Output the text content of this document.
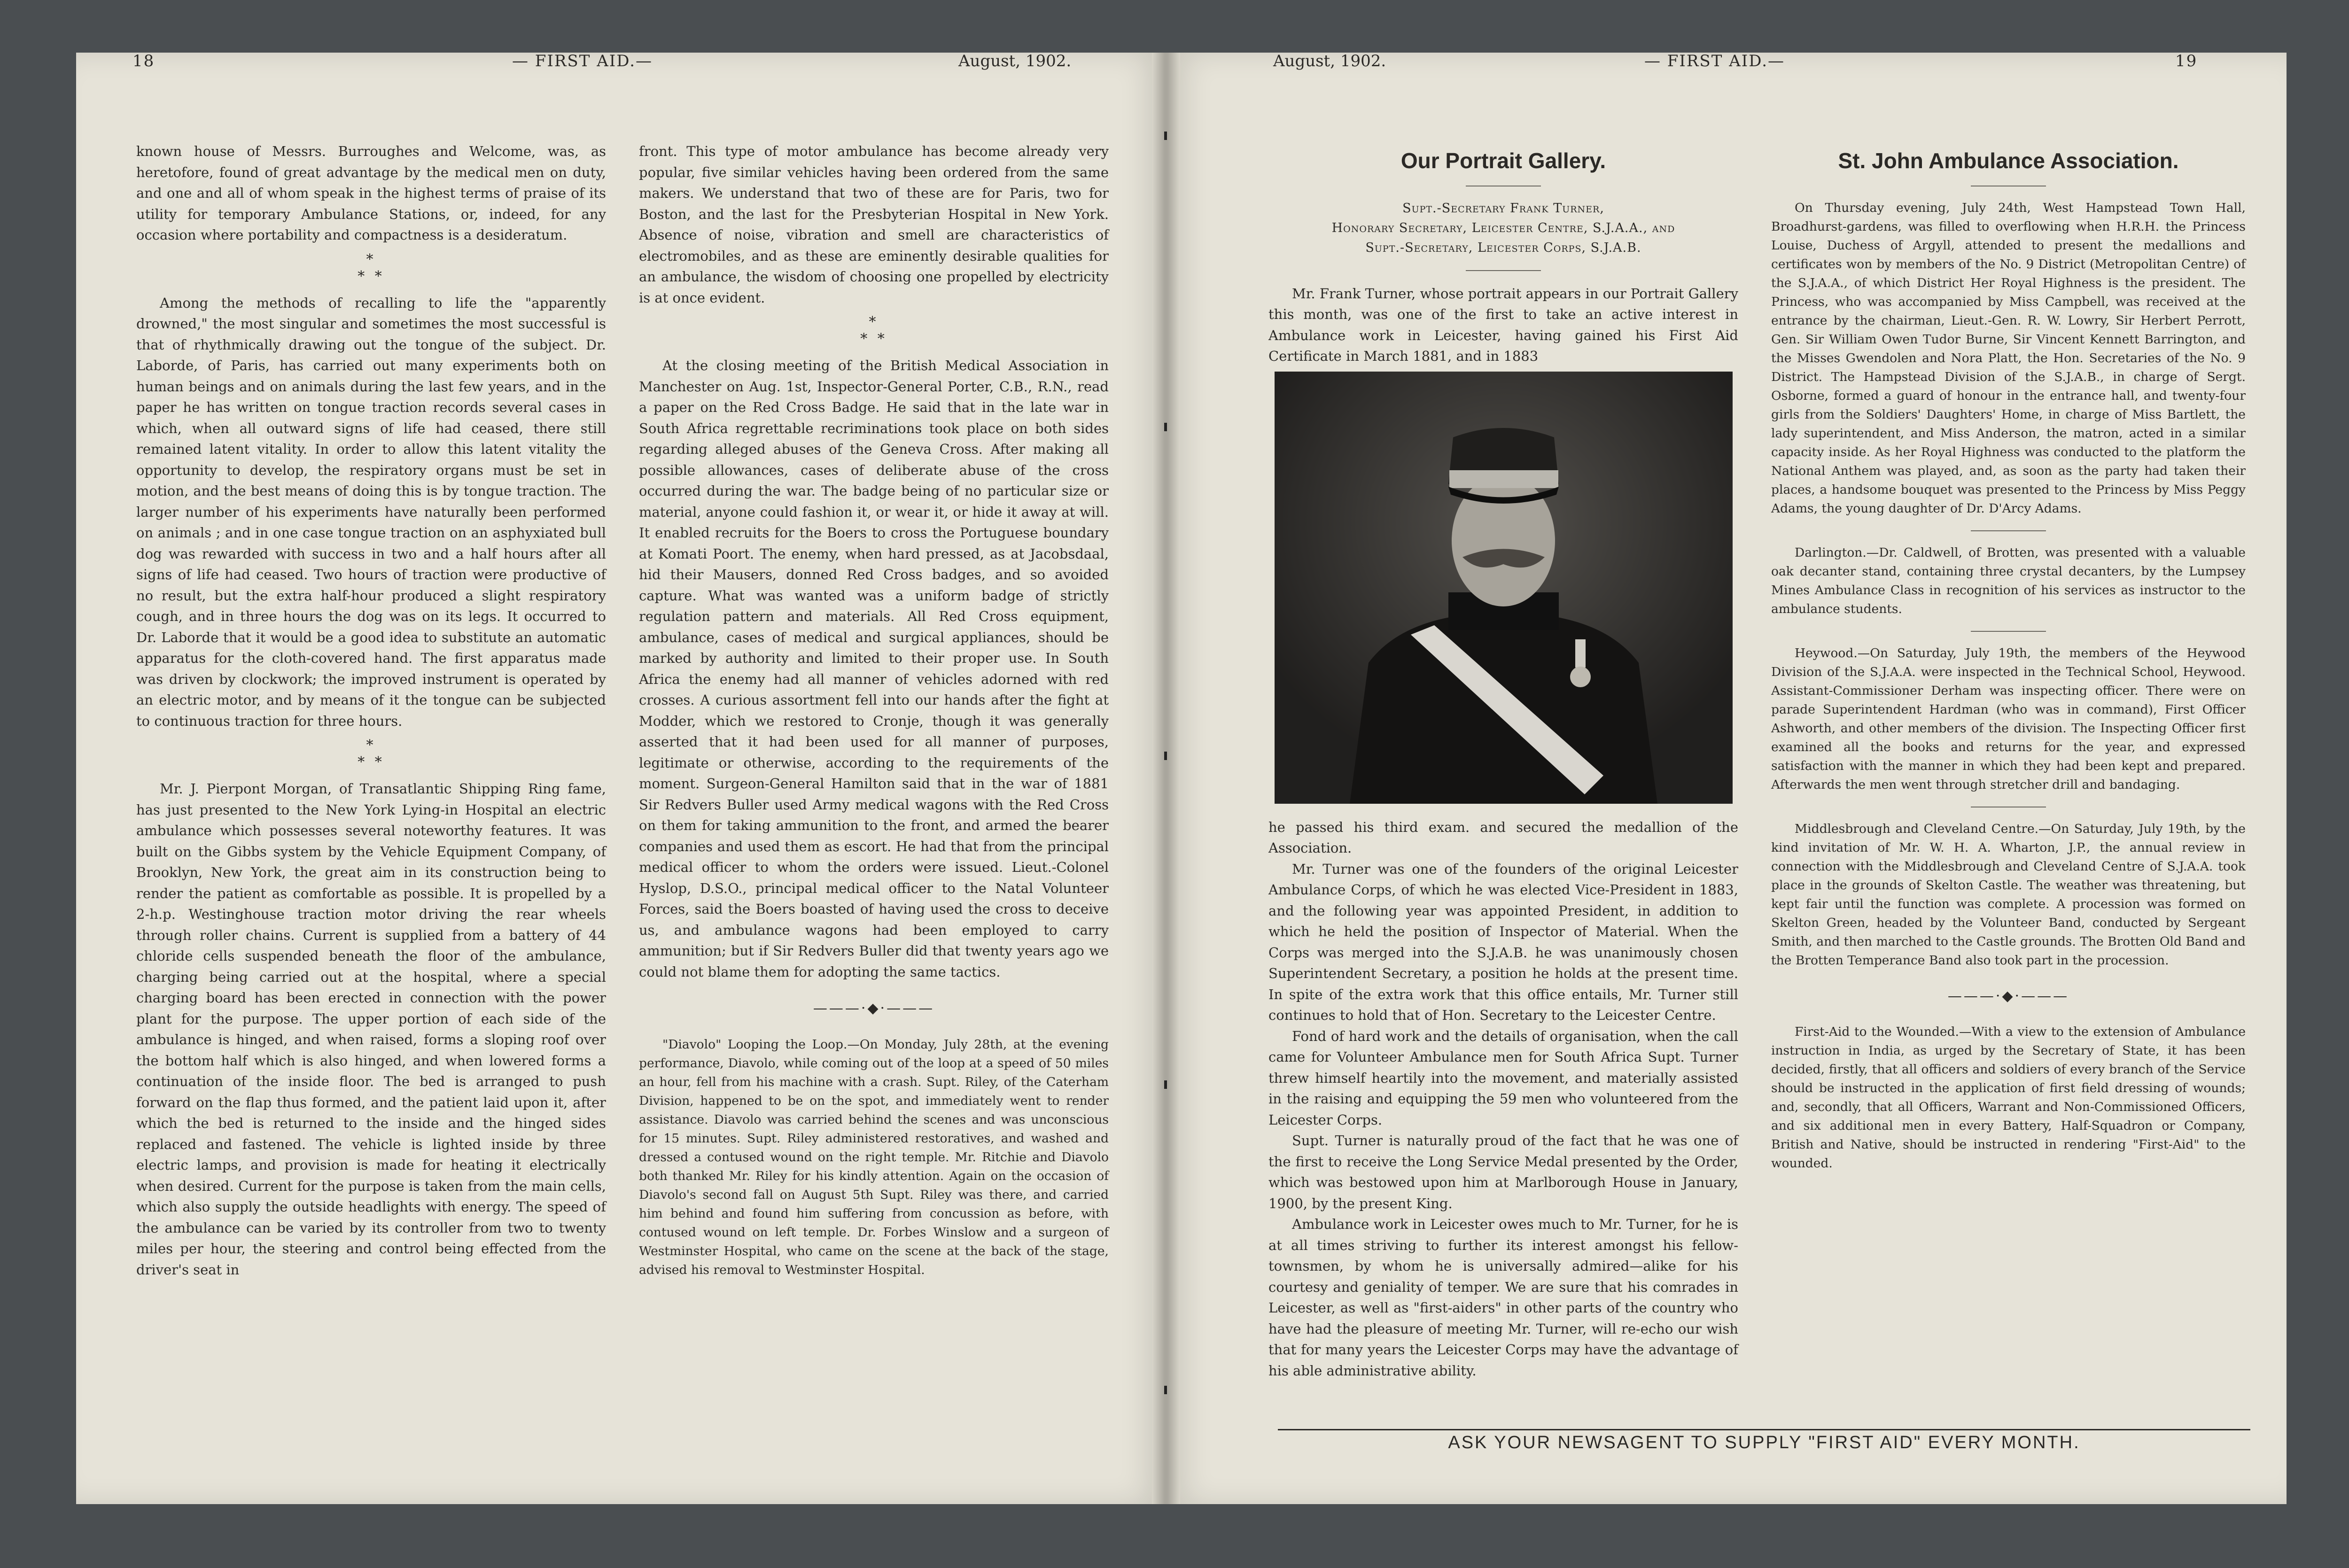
18	— FIRST AID.—	August, 1902.

known house of Messrs. Burroughes and Welcome, was, as heretofore, found of great advantage by the medical men on duty, and one and all of whom speak in the highest terms of praise of its utility for temporary Ambulance Stations, or, indeed, for any occasion where portability and compactness is a desideratum.

*
* *

Among the methods of recalling to life the "apparently drowned," the most singular and sometimes the most successful is that of rhythmically drawing out the tongue of the subject. Dr. Laborde, of Paris, has carried out many experiments both on human beings and on animals during the last few years, and in the paper he has written on tongue traction records several cases in which, when all outward signs of life had ceased, there still remained latent vitality. In order to allow this latent vitality the opportunity to develop, the respiratory organs must be set in motion, and the best means of doing this is by tongue traction. The larger number of his experiments have naturally been performed on animals ; and in one case tongue traction on an asphyxiated bull dog was rewarded with success in two and a half hours after all signs of life had ceased. Two hours of traction were productive of no result, but the extra half-hour produced a slight respiratory cough, and in three hours the dog was on its legs. It occurred to Dr. Laborde that it would be a good idea to substitute an automatic apparatus for the cloth-covered hand. The first apparatus made was driven by clockwork; the improved instrument is operated by an electric motor, and by means of it the tongue can be subjected to continuous traction for three hours.

*
* *

Mr. J. Pierpont Morgan, of Transatlantic Shipping Ring fame, has just presented to the New York Lying-in Hospital an electric ambulance which possesses several noteworthy features. It was built on the Gibbs system by the Vehicle Equipment Company, of Brooklyn, New York, the great aim in its construction being to render the patient as comfortable as possible. It is propelled by a 2-h.p. Westinghouse traction motor driving the rear wheels through roller chains. Current is supplied from a battery of 44 chloride cells suspended beneath the floor of the ambulance, charging being carried out at the hospital, where a special charging board has been erected in connection with the power plant for the purpose. The upper portion of each side of the ambulance is hinged, and when raised, forms a sloping roof over the bottom half which is also hinged, and when lowered forms a continuation of the inside floor. The bed is arranged to push forward on the flap thus formed, and the patient laid upon it, after which the bed is returned to the inside and the hinged sides replaced and fastened. The vehicle is lighted inside by three electric lamps, and provision is made for heating it electrically when desired. Current for the purpose is taken from the main cells, which also supply the outside headlights with energy. The speed of the ambulance can be varied by its controller from two to twenty miles per hour, the steering and control being effected from the driver's seat in

front. This type of motor ambulance has become already very popular, five similar vehicles having been ordered from the same makers. We understand that two of these are for Paris, two for Boston, and the last for the Presbyterian Hospital in New York. Absence of noise, vibration and smell are characteristics of electromobiles, and as these are eminently desirable qualities for an ambulance, the wisdom of choosing one propelled by electricity is at once evident.

*
* *

At the closing meeting of the British Medical Association in Manchester on Aug. 1st, Inspector-General Porter, C.B., R.N., read a paper on the Red Cross Badge. He said that in the late war in South Africa regrettable recriminations took place on both sides regarding alleged abuses of the Geneva Cross. After making all possible allowances, cases of deliberate abuse of the cross occurred during the war. The badge being of no particular size or material, anyone could fashion it, or wear it, or hide it away at will. It enabled recruits for the Boers to cross the Portuguese boundary at Komati Poort. The enemy, when hard pressed, as at Jacobsdaal, hid their Mausers, donned Red Cross badges, and so avoided capture. What was wanted was a uniform badge of strictly regulation pattern and materials. All Red Cross equipment, ambulance, cases of medical and surgical appliances, should be marked by authority and limited to their proper use. In South Africa the enemy had all manner of vehicles adorned with red crosses. A curious assortment fell into our hands after the fight at Modder, which we restored to Cronje, though it was generally asserted that it had been used for all manner of purposes, legitimate or otherwise, according to the requirements of the moment. Surgeon-General Hamilton said that in the war of 1881 Sir Redvers Buller used Army medical wagons with the Red Cross on them for taking ammunition to the front, and armed the bearer companies and used them as escort. He had that from the principal medical officer to whom the orders were issued. Lieut.-Colonel Hyslop, D.S.O., principal medical officer to the Natal Volunteer Forces, said the Boers boasted of having used the cross to deceive us, and ambulance wagons had been employed to carry ammunition; but if Sir Redvers Buller did that twenty years ago we could not blame them for adopting the same tactics.

———·◆·———

"Diavolo" Looping the Loop.—On Monday, July 28th, at the evening performance, Diavolo, while coming out of the loop at a speed of 50 miles an hour, fell from his machine with a crash. Supt. Riley, of the Caterham Division, happened to be on the spot, and immediately went to render assistance. Diavolo was carried behind the scenes and was unconscious for 15 minutes. Supt. Riley administered restoratives, and washed and dressed a contused wound on the right temple. Mr. Ritchie and Diavolo both thanked Mr. Riley for his kindly attention. Again on the occasion of Diavolo's second fall on August 5th Supt. Riley was there, and carried him behind and found him suffering from concussion as before, with contused wound on left temple. Dr. Forbes Winslow and a surgeon of Westminster Hospital, who came on the scene at the back of the stage, advised his removal to Westminster Hospital.

August, 1902.	— FIRST AID.—	19
Our Portrait Gallery.
Supt.-Secretary Frank Turner,
Honorary Secretary, Leicester Centre, S.J.A.A., and
Supt.-Secretary, Leicester Corps, S.J.A.B.

Mr. Frank Turner, whose portrait appears in our Portrait Gallery this month, was one of the first to take an active interest in Ambulance work in Leicester, having gained his First Aid Certificate in March 1881, and in 1883

he passed his third exam. and secured the medallion of the Association.

Mr. Turner was one of the founders of the original Leicester Ambulance Corps, of which he was elected Vice-President in 1883, and the following year was appointed President, in addition to which he held the position of Inspector of Material. When the Corps was merged into the S.J.A.B. he was unanimously chosen Superintendent Secretary, a position he holds at the present time. In spite of the extra work that this office entails, Mr. Turner still continues to hold that of Hon. Secretary to the Leicester Centre.

Fond of hard work and the details of organisation, when the call came for Volunteer Ambulance men for South Africa Supt. Turner threw himself heartily into the movement, and materially assisted in the raising and equipping the 59 men who volunteered from the Leicester Corps.

Supt. Turner is naturally proud of the fact that he was one of the first to receive the Long Service Medal presented by the Order, which was bestowed upon him at Marlborough House in January, 1900, by the present King.

Ambulance work in Leicester owes much to Mr. Turner, for he is at all times striving to further its interest amongst his fellow-townsmen, by whom he is universally admired—alike for his courtesy and geniality of temper. We are sure that his comrades in Leicester, as well as "first-aiders" in other parts of the country who have had the pleasure of meeting Mr. Turner, will re-echo our wish that for many years the Leicester Corps may have the advantage of his able administrative ability.

St. John Ambulance Association.

On Thursday evening, July 24th, West Hampstead Town Hall, Broadhurst-gardens, was filled to overflowing when H.R.H. the Princess Louise, Duchess of Argyll, attended to present the medallions and certificates won by members of the No. 9 District (Metropolitan Centre) of the S.J.A.A., of which District Her Royal Highness is the president. The Princess, who was accompanied by Miss Campbell, was received at the entrance by the chairman, Lieut.-Gen. R. W. Lowry, Sir Herbert Perrott, Gen. Sir William Owen Tudor Burne, Sir Vincent Kennett Barrington, and the Misses Gwendolen and Nora Platt, the Hon. Secretaries of the No. 9 District. The Hampstead Division of the S.J.A.B., in charge of Sergt. Osborne, formed a guard of honour in the entrance hall, and twenty-four girls from the Soldiers' Daughters' Home, in charge of Miss Bartlett, the lady superintendent, and Miss Anderson, the matron, acted in a similar capacity inside. As her Royal Highness was conducted to the platform the National Anthem was played, and, as soon as the party had taken their places, a handsome bouquet was presented to the Princess by Miss Peggy Adams, the young daughter of Dr. D'Arcy Adams.

Darlington.—Dr. Caldwell, of Brotten, was presented with a valuable oak decanter stand, containing three crystal decanters, by the Lumpsey Mines Ambulance Class in recognition of his services as instructor to the ambulance students.

Heywood.—On Saturday, July 19th, the members of the Heywood Division of the S.J.A.A. were inspected in the Technical School, Heywood. Assistant-Commissioner Derham was inspecting officer. There were on parade Superintendent Hardman (who was in command), First Officer Ashworth, and other members of the division. The Inspecting Officer first examined all the books and returns for the year, and expressed satisfaction with the manner in which they had been kept and prepared. Afterwards the men went through stretcher drill and bandaging.

Middlesbrough and Cleveland Centre.—On Saturday, July 19th, by the kind invitation of Mr. W. H. A. Wharton, J.P., the annual review in connection with the Middlesbrough and Cleveland Centre of S.J.A.A. took place in the grounds of Skelton Castle. The weather was threatening, but kept fair until the function was complete. A procession was formed on Skelton Green, headed by the Volunteer Band, conducted by Sergeant Smith, and then marched to the Castle grounds. The Brotten Old Band and the Brotten Temperance Band also took part in the procession.

———·◆·———

First-Aid to the Wounded.—With a view to the extension of Ambulance instruction in India, as urged by the Secretary of State, it has been decided, firstly, that all officers and soldiers of every branch of the Service should be instructed in the application of first field dressing of wounds; and, secondly, that all Officers, Warrant and Non-Commissioned Officers, and six additional men in every Battery, Half-Squadron or Company, British and Native, should be instructed in rendering "First-Aid" to the wounded.

ASK YOUR NEWSAGENT TO SUPPLY "FIRST AID" EVERY MONTH.
